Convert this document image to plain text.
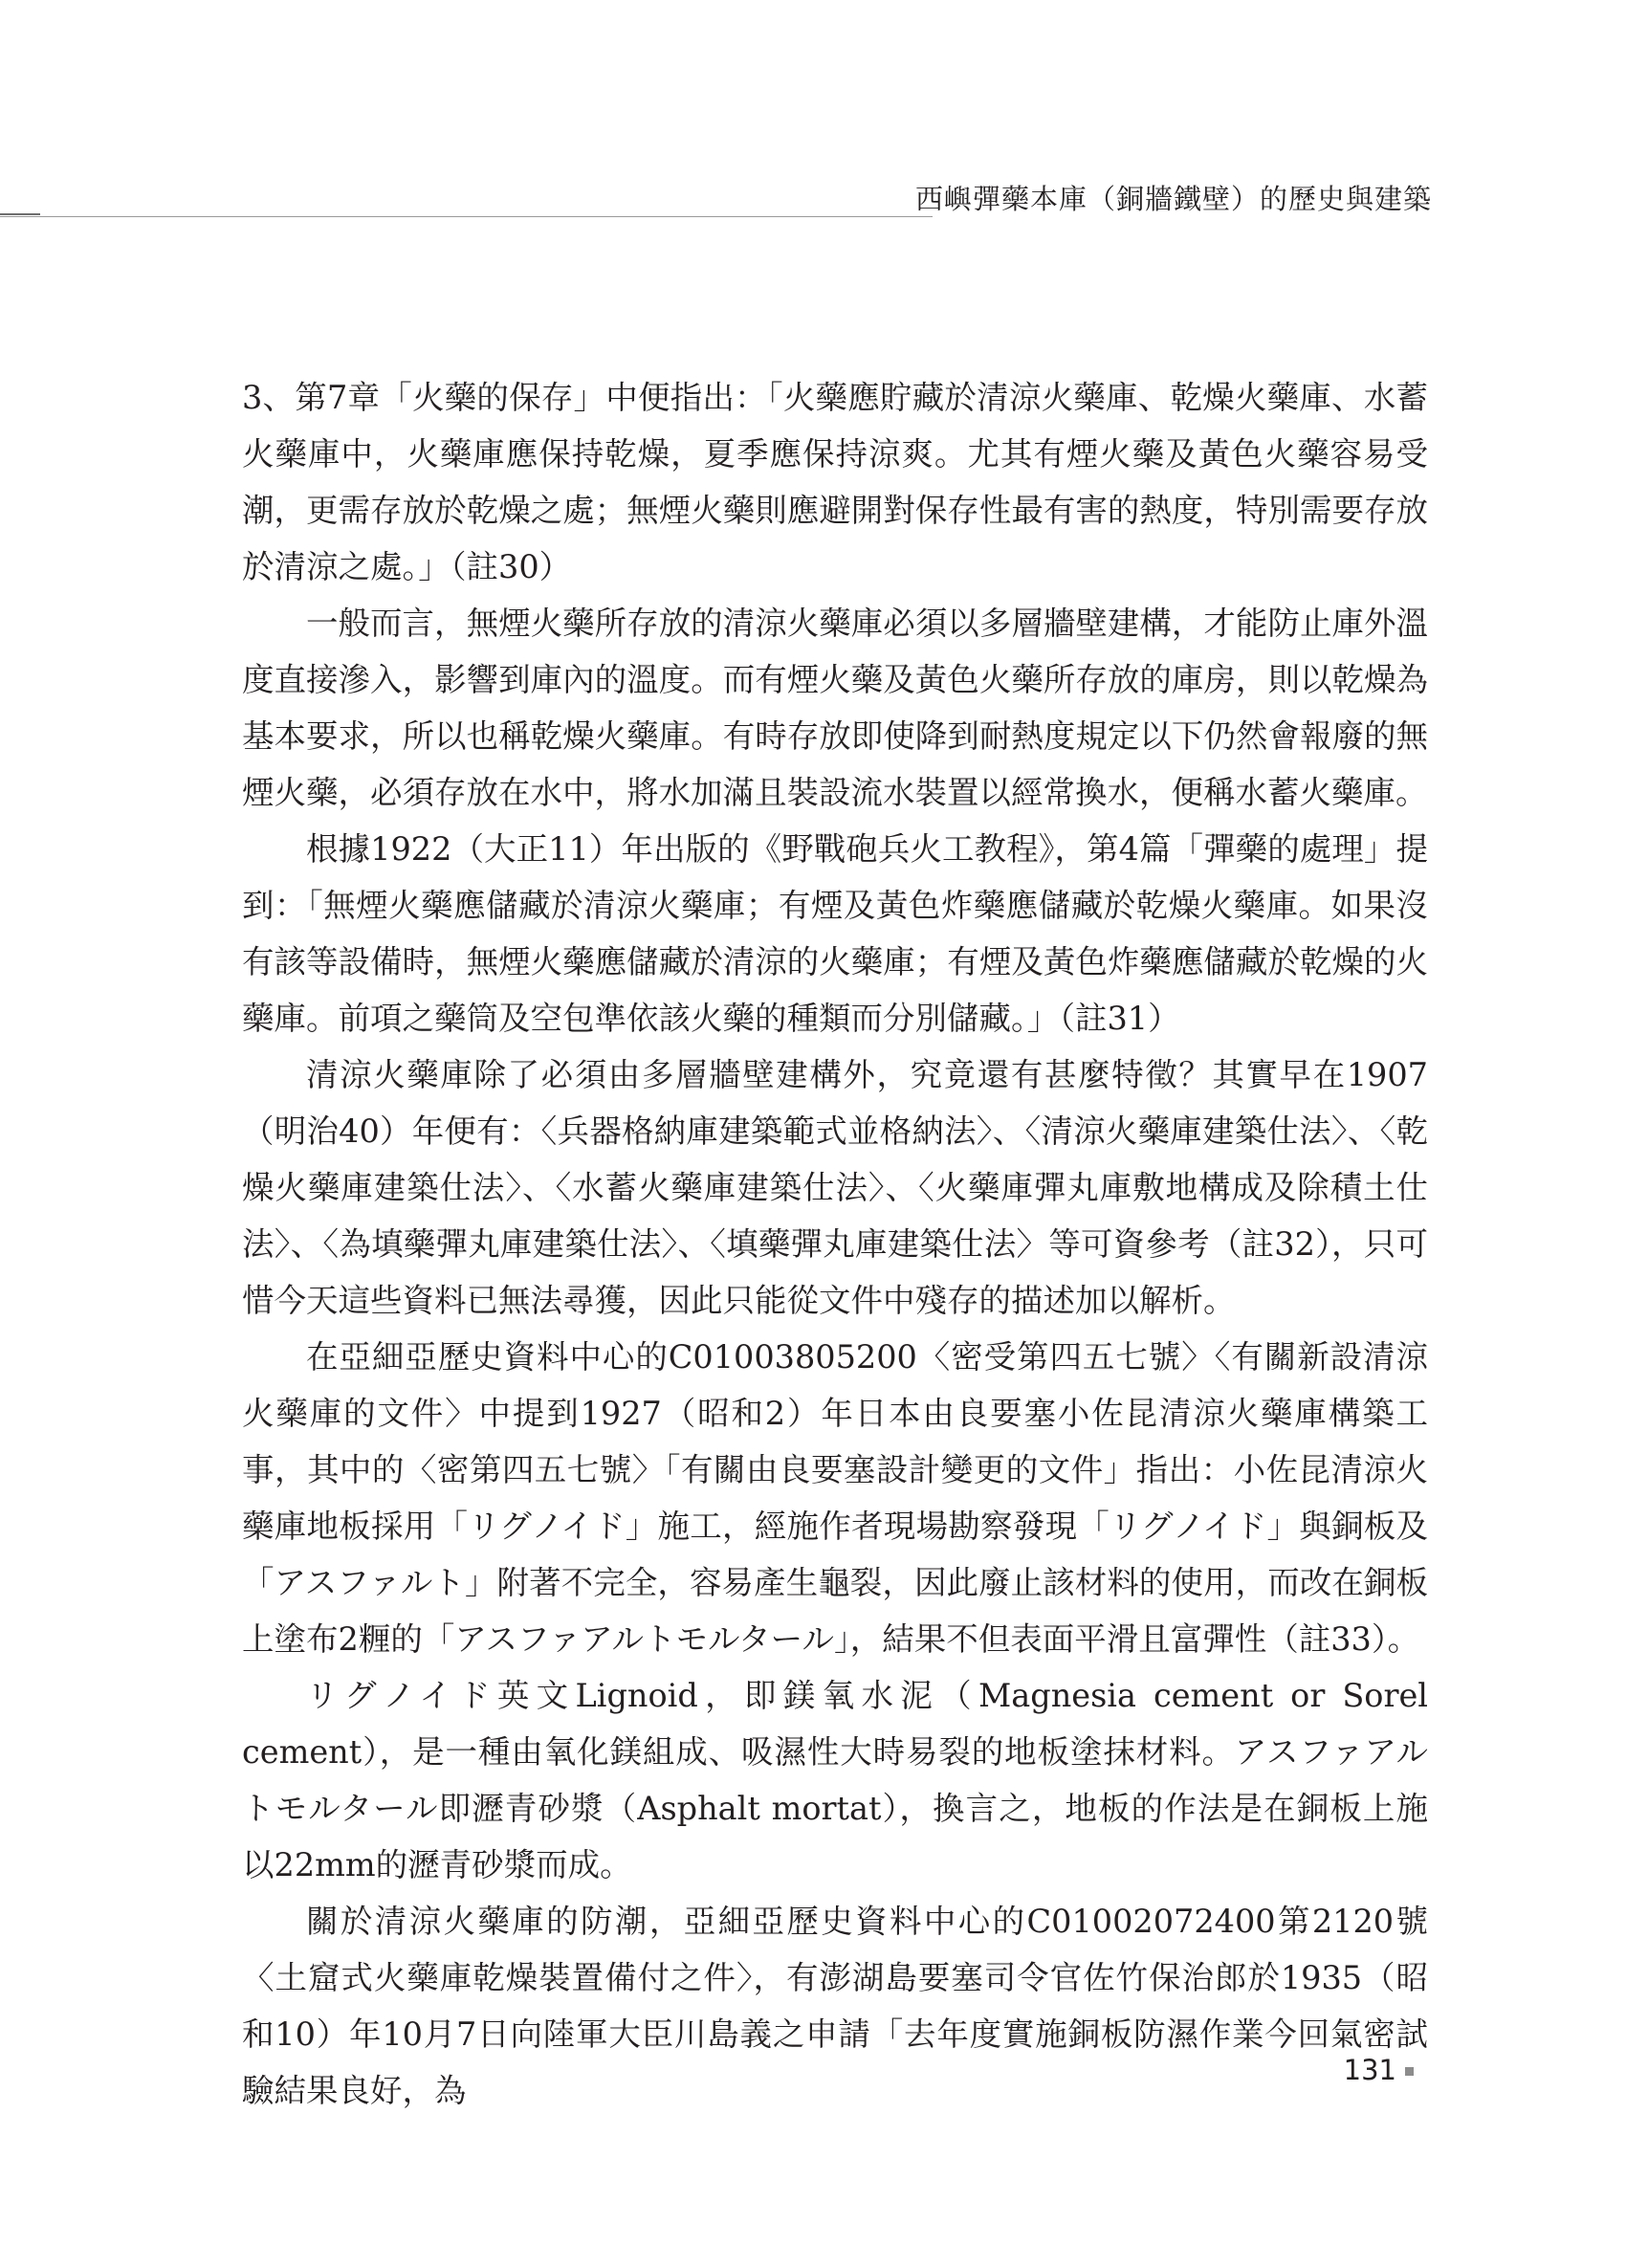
西嶼彈藥本庫（銅牆鐵壁）的歷史與建築

3、第7章「火藥的保存」中便指出：「火藥應貯藏於清涼火藥庫、乾燥火藥庫、水蓄火藥庫中，火藥庫應保持乾燥，夏季應保持涼爽。尤其有煙火藥及黃色火藥容易受潮，更需存放於乾燥之處；無煙火藥則應避開對保存性最有害的熱度，特別需要存放於清涼之處。」（註30）

一般而言，無煙火藥所存放的清涼火藥庫必須以多層牆壁建構，才能防止庫外溫度直接滲入，影響到庫內的溫度。而有煙火藥及黃色火藥所存放的庫房，則以乾燥為基本要求，所以也稱乾燥火藥庫。有時存放即使降到耐熱度規定以下仍然會報廢的無煙火藥，必須存放在水中，將水加滿且裝設流水裝置以經常換水，便稱水蓄火藥庫。

根據1922（大正11）年出版的《野戰砲兵火工教程》，第4篇「彈藥的處理」提到：「無煙火藥應儲藏於清涼火藥庫；有煙及黃色炸藥應儲藏於乾燥火藥庫。如果沒有該等設備時，無煙火藥應儲藏於清涼的火藥庫；有煙及黃色炸藥應儲藏於乾燥的火藥庫。前項之藥筒及空包準依該火藥的種類而分別儲藏。」（註31）

清涼火藥庫除了必須由多層牆壁建構外，究竟還有甚麼特徵？其實早在1907（明治40）年便有：〈兵器格納庫建築範式並格納法〉、〈清涼火藥庫建築仕法〉、〈乾燥火藥庫建築仕法〉、〈水蓄火藥庫建築仕法〉、〈火藥庫彈丸庫敷地構成及除積土仕法〉、〈為填藥彈丸庫建築仕法〉、〈填藥彈丸庫建築仕法〉等可資參考（註32），只可惜今天這些資料已無法尋獲，因此只能從文件中殘存的描述加以解析。

在亞細亞歷史資料中心的C01003805200〈密受第四五七號〉〈有關新設清涼火藥庫的文件〉中提到1927（昭和2）年日本由良要塞小佐昆清涼火藥庫構築工事，其中的〈密第四五七號〉「有關由良要塞設計變更的文件」指出：小佐昆清涼火藥庫地板採用「リグノイド」施工，經施作者現場勘察發現「リグノイド」與銅板及「アスファルト」附著不完全，容易產生龜裂，因此廢止該材料的使用，而改在銅板上塗布2糎的「アスファアルトモルタール」，結果不但表面平滑且富彈性（註33）。

リグノイド英文Lignoid，即鎂氧水泥（Magnesia cement or Sorel cement），是一種由氧化鎂組成、吸濕性大時易裂的地板塗抹材料。アスファアルトモルタール即瀝青砂漿（Asphalt mortat），換言之，地板的作法是在銅板上施以22mm的瀝青砂漿而成。

關於清涼火藥庫的防潮，亞細亞歷史資料中心的C01002072400第2120號〈土窟式火藥庫乾燥裝置備付之件〉，有澎湖島要塞司令官佐竹保治郎於1935（昭和10）年10月7日向陸軍大臣川島義之申請「去年度實施銅板防濕作業今回氣密試驗結果良好，為

131
